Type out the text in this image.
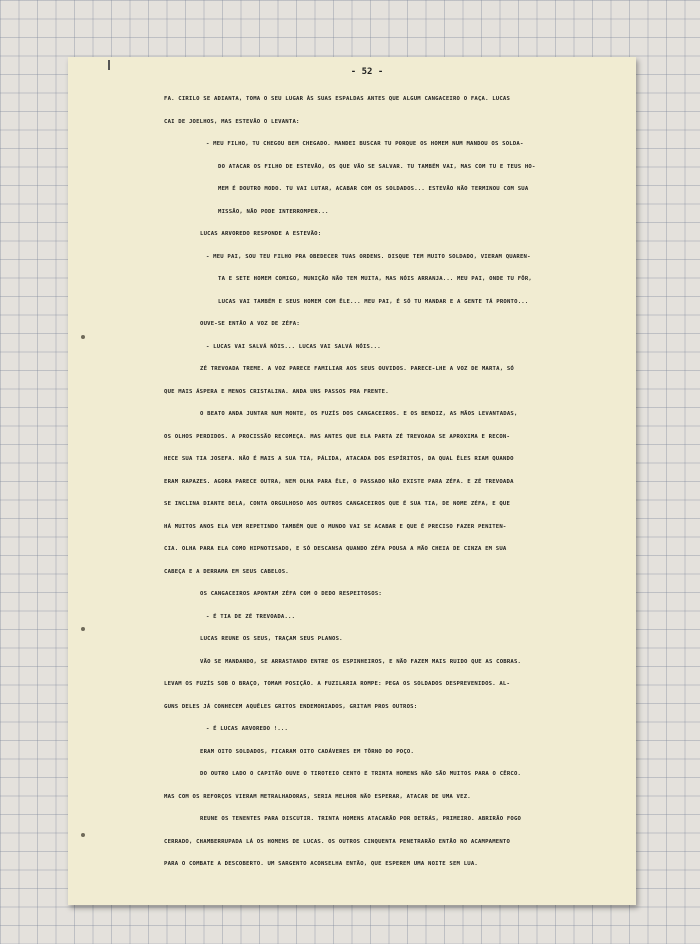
- 52 -
FA. CIRILO SE ADIANTA, TOMA O SEU LUGAR ÀS SUAS ESPALDAS ANTES QUE ALGUM CANGACEIRO O FAÇA. LUCAS
CAI DE JOELHOS, MAS ESTEVÃO O LEVANTA:
- MEU FILHO, TU CHEGOU BEM CHEGADO. MANDEI BUSCAR TU PORQUE OS HOMEM NUM MANDOU OS SOLDA-
DO ATACAR OS FILHO DE ESTEVÃO, OS QUE VÃO SE SALVAR. TU TAMBÉM VAI, MAS COM TU E TEUS HO-
MEM É DOUTRO MODO. TU VAI LUTAR, ACABAR COM OS SOLDADOS... ESTEVÃO NÃO TERMINOU COM SUA
MISSÃO, NÃO PODE INTERROMPER...
LUCAS ARVOREDO RESPONDE A ESTEVÃO:
- MEU PAI, SOU TEU FILHO PRA OBEDECER TUAS ORDENS. DISQUE TEM MUITO SOLDADO, VIERAM QUAREN-
TA E SETE HOMEM COMIGO, MUNIÇÃO NÃO TEM MUITA, MAS NÓIS ARRANJA... MEU PAI, ONDE TU FÔR,
LUCAS VAI TAMBÉM E SEUS HOMEM COM ÊLE... MEU PAI, É SÓ TU MANDAR E A GENTE TÁ PRONTO...
OUVE-SE ENTÃO A VOZ DE ZÉFA:
- LUCAS VAI SALVÁ NÓIS... LUCAS VAI SALVÁ NÓIS...
ZÉ TREVOADA TREME. A VOZ PARECE FAMILIAR AOS SEUS OUVIDOS. PARECE-LHE A VOZ DE MARTA, SÓ
QUE MAIS ÁSPERA E MENOS CRISTALINA. ANDA UNS PASSOS PRA FRENTE.
O BEATO ANDA JUNTAR NUM MONTE, OS FUZÍS DOS CANGACEIROS. E OS BENDIZ, AS MÃOS LEVANTADAS,
OS OLHOS PERDIDOS. A PROCISSÃO RECOMEÇA. MAS ANTES QUE ELA PARTA ZÉ TREVOADA SE APROXIMA E RECON-
HECE SUA TIA JOSEFA. NÃO É MAIS A SUA TIA, PÁLIDA, ATACADA DOS ESPÍRITOS, DA QUAL ÊLES RIAM QUANDO
ERAM RAPAZES. AGORA PARECE OUTRA, NEM OLHA PARA ÊLE, O PASSADO NÃO EXISTE PARA ZÉFA. E ZÉ TREVOADA
SE INCLINA DIANTE DELA, CONTA ORGULHOSO AOS OUTROS CANGACEIROS QUE É SUA TIA, DE NOME ZÉFA, E QUE
HÁ MUITOS ANOS ELA VEM REPETINDO TAMBÉM QUE O MUNDO VAI SE ACABAR E QUE É PRECISO FAZER PENITEN-
CIA. OLHA PARA ELA COMO HIPNOTISADO, E SÓ DESCANSA QUANDO ZÉFA POUSA A MÃO CHEIA DE CINZA EM SUA
CABEÇA E A DERRAMA EM SEUS CABELOS.
OS CANGACEIROS APONTAM ZÉFA COM O DEDO RESPEITOSOS:
- É TIA DE ZÉ TREVOADA...
LUCAS REUNE OS SEUS, TRAÇAM SEUS PLANOS.
VÃO SE MANDANDO, SE ARRASTANDO ENTRE OS ESPINHEIROS, E NÃO FAZEM MAIS RUIDO QUE AS COBRAS.
LEVAM OS FUZÍS SOB O BRAÇO, TOMAM POSIÇÃO. A FUZILARIA ROMPE: PEGA OS SOLDADOS DESPREVENIDOS. AL-
GUNS DELES JÁ CONHECEM AQUÊLES GRITOS ENDEMONIADOS, GRITAM PROS OUTROS:
- É LUCAS ARVOREDO !...
ERAM OITO SOLDADOS, FICARAM OITO CADÁVERES EM TÔRNO DO POÇO.
DO OUTRO LADO O CAPITÃO OUVE O TIROTEIO CENTO E TRINTA HOMENS NÃO SÃO MUITOS PARA O CÊRCO.
MAS COM OS REFORÇOS VIERAM METRALHADORAS, SERIA MELHOR NÃO ESPERAR, ATACAR DE UMA VEZ.
REUNE OS TENENTES PARA DISCUTIR. TRINTA HOMENS ATACARÃO POR DETRÁS, PRIMEIRO. ABRIRÃO FOGO
CERRADO, CHAMBERRUPADA LÁ OS HOMENS DE LUCAS. OS OUTROS CINQUENTA PENETRARÃO ENTÃO NO ACAMPAMENTO
PARA O COMBATE A DESCOBERTO. UM SARGENTO ACONSELHA ENTÃO, QUE ESPEREM UMA NOITE SEM LUA.
